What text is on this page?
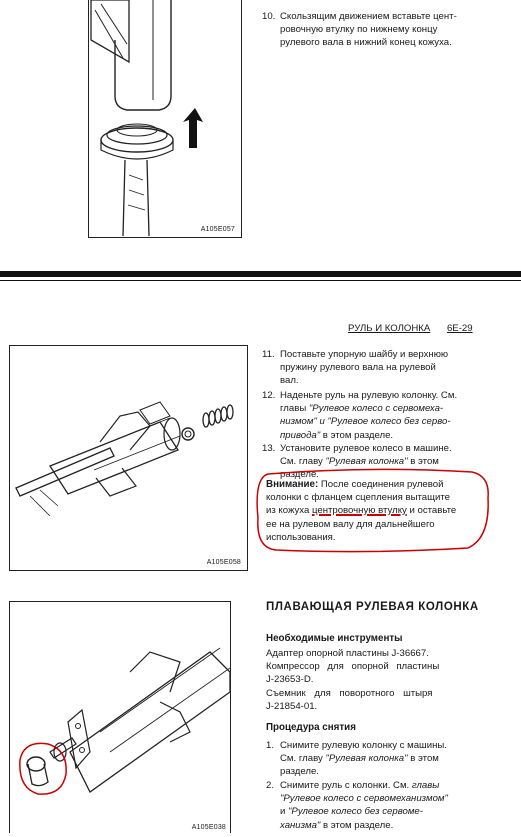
A105E057
10. Скользящим движением вставьте цент-
ровочную втулку по нижнему концу
рулевого вала в нижний конец кожуха.
РУЛЬ И КОЛОНКА 6E-29
A105E058
11. Поставьте упорную шайбу и верхнюю
пружину рулевого вала на рулевой
вал.
12. Наденьте руль на рулевую колонку. См.
главы "Рулевое колесо с сервомеха-
низмом" и "Рулевое колесо без серво-
привода" в этом разделе.
13. Установите рулевое колесо в машине.
См. главу "Рулевая колонка" в этом
разделе.
Внимание: После соединения рулевой
колонки с фланцем сцепления вытащите
из кожуха центровочную втулку и оставьте
ее на рулевом валу для дальнейшего
использования.
A105E038
ПЛАВАЮЩАЯ РУЛЕВАЯ КОЛОНКА
Необходимые инструменты
Адаптер опорной пластины J-36667.
Компрессор для опорной пластины
J-23653-D.
Съемник для поворотного штыря
J-21854-01.
Процедура снятия
1. Снимите рулевую колонку с машины.
См. главу "Рулевая колонка" в этом
разделе.
2. Снимите руль с колонки. См. главы
"Рулевое колесо с сервомеханизмом"
и "Рулевое колесо без сервоме-
ханизма" в этом разделе.
